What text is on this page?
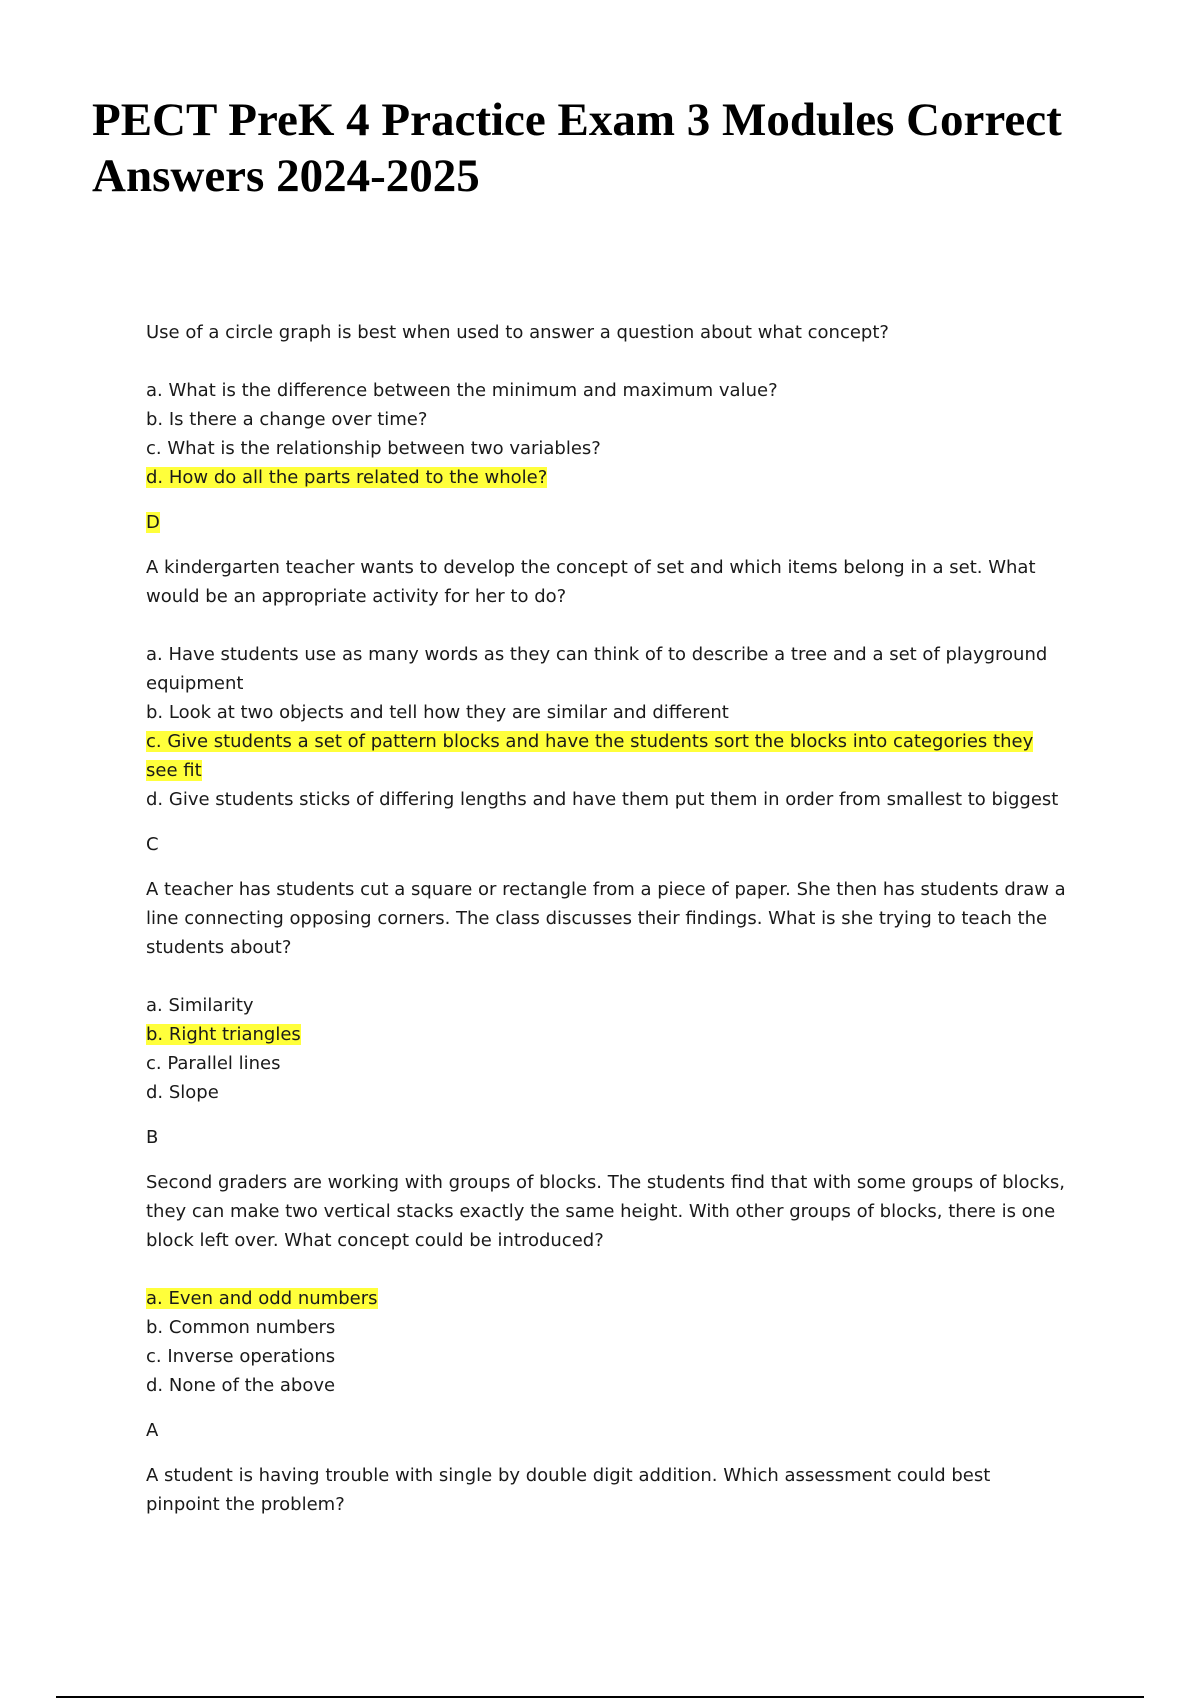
PECT PreK 4 Practice Exam 3 Modules Correct Answers 2024-2025

Use of a circle graph is best when used to answer a question about what concept?

a. What is the difference between the minimum and maximum value?

b. Is there a change over time?

c. What is the relationship between two variables?

d. How do all the parts related to the whole?

D

A kindergarten teacher wants to develop the concept of set and which items belong in a set. What would be an appropriate activity for her to do?

a. Have students use as many words as they can think of to describe a tree and a set of playground equipment

b. Look at two objects and tell how they are similar and different

c. Give students a set of pattern blocks and have the students sort the blocks into categories they see fit

d. Give students sticks of differing lengths and have them put them in order from smallest to biggest

C

A teacher has students cut a square or rectangle from a piece of paper. She then has students draw a line connecting opposing corners. The class discusses their findings. What is she trying to teach the students about?

a. Similarity

b. Right triangles

c. Parallel lines

d. Slope

B

Second graders are working with groups of blocks. The students find that with some groups of blocks, they can make two vertical stacks exactly the same height. With other groups of blocks, there is one block left over. What concept could be introduced?

a. Even and odd numbers

b. Common numbers

c. Inverse operations

d. None of the above

A

A student is having trouble with single by double digit addition. Which assessment could best pinpoint the problem?
